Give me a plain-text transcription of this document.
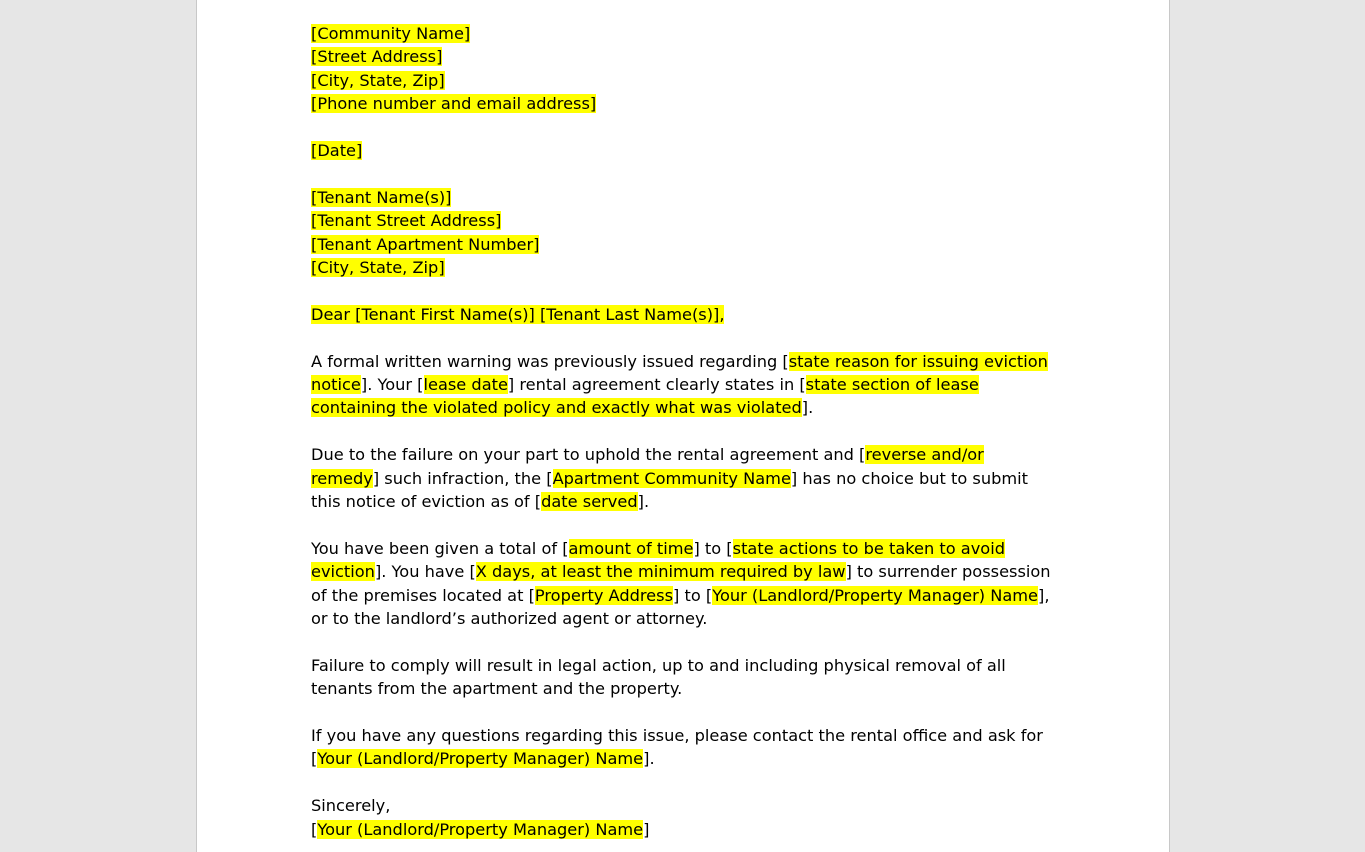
[Community Name]

[Street Address]

[City, State, Zip]

[Phone number and email address]

[Date]

[Tenant Name(s)]

[Tenant Street Address]

[Tenant Apartment Number]

[City, State, Zip]

Dear [Tenant First Name(s)] [Tenant Last Name(s)],

A formal written warning was previously issued regarding [state reason for issuing eviction notice]. Your [lease date] rental agreement clearly states in [state section of lease containing the violated policy and exactly what was violated].

Due to the failure on your part to uphold the rental agreement and [reverse and/or remedy] such infraction, the [Apartment Community Name] has no choice but to submit this notice of eviction as of [date served].

You have been given a total of [amount of time] to [state actions to be taken to avoid eviction]. You have [X days, at least the minimum required by law] to surrender possession of the premises located at [Property Address] to [Your (Landlord/Property Manager) Name], or to the landlord’s authorized agent or attorney.

Failure to comply will result in legal action, up to and including physical removal of all tenants from the apartment and the property.

If you have any questions regarding this issue, please contact the rental office and ask for [Your (Landlord/Property Manager) Name].

Sincerely,

[Your (Landlord/Property Manager) Name]
